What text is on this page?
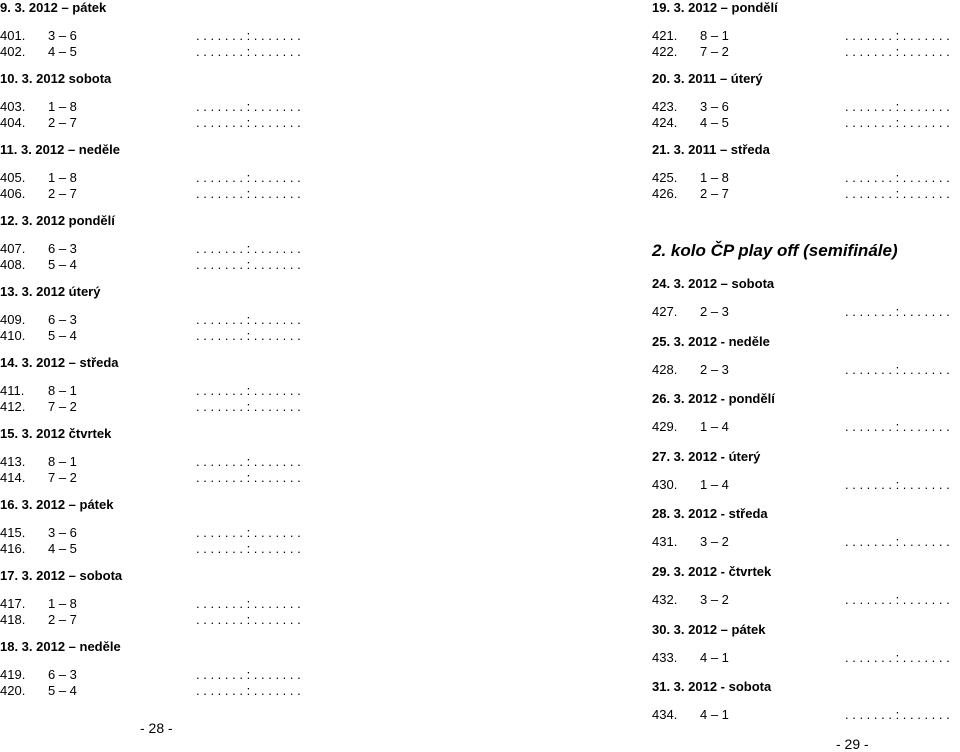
9. 3. 2012 – pátek
401. 3 – 6	. . . . . . . : . . . . . . .
402. 4 – 5	. . . . . . . : . . . . . . .
10. 3. 2012 sobota
403. 1 – 8	. . . . . . . : . . . . . . .
404. 2 – 7	. . . . . . . : . . . . . . .
11. 3. 2012 – neděle
405. 1 – 8	. . . . . . . : . . . . . . .
406. 2 – 7	. . . . . . . : . . . . . . .
12. 3. 2012 pondělí
407. 6 – 3	. . . . . . . : . . . . . . .
408. 5 – 4	. . . . . . . : . . . . . . .
13. 3. 2012 úterý
409. 6 – 3	. . . . . . . : . . . . . . .
410. 5 – 4	. . . . . . . : . . . . . . .
14. 3. 2012 – středa
411. 8 – 1	. . . . . . . : . . . . . . .
412. 7 – 2	. . . . . . . : . . . . . . .
15. 3. 2012 čtvrtek
413. 8 – 1	. . . . . . . : . . . . . . .
414. 7 – 2	. . . . . . . : . . . . . . .
16. 3. 2012 – pátek
415. 3 – 6	. . . . . . . : . . . . . . .
416. 4 – 5	. . . . . . . : . . . . . . .
17. 3. 2012 – sobota
417. 1 – 8	. . . . . . . : . . . . . . .
418. 2 – 7	. . . . . . . : . . . . . . .
18. 3. 2012 – neděle
419. 6 – 3	. . . . . . . : . . . . . . .
420. 5 – 4	. . . . . . . : . . . . . . .
19. 3. 2012 – pondělí
421. 8 – 1	. . . . . . . : . . . . . . .
422. 7 – 2	. . . . . . . : . . . . . . .
20. 3. 2011 – úterý
423. 3 – 6	. . . . . . . : . . . . . . .
424. 4 – 5	. . . . . . . : . . . . . . .
21. 3. 2011 – středa
425. 1 – 8	. . . . . . . : . . . . . . .
426. 2 – 7	. . . . . . . : . . . . . . .
2. kolo ČP play off (semifinále)
24. 3. 2012 – sobota
427. 2 – 3	. . . . . . . : . . . . . . .
25. 3. 2012 - neděle
428. 2 – 3	. . . . . . . : . . . . . . .
26. 3. 2012 - pondělí
429. 1 – 4	. . . . . . . : . . . . . . .
27. 3. 2012 - úterý
430. 1 – 4	. . . . . . . : . . . . . . .
28. 3. 2012 - středa
431. 3 – 2	. . . . . . . : . . . . . . .
29. 3. 2012 - čtvrtek
432. 3 – 2	. . . . . . . : . . . . . . .
30. 3. 2012 – pátek
433. 4 – 1	. . . . . . . : . . . . . . .
31. 3. 2012 - sobota
434. 4 – 1	. . . . . . . : . . . . . . .
- 28 -
- 29 -
